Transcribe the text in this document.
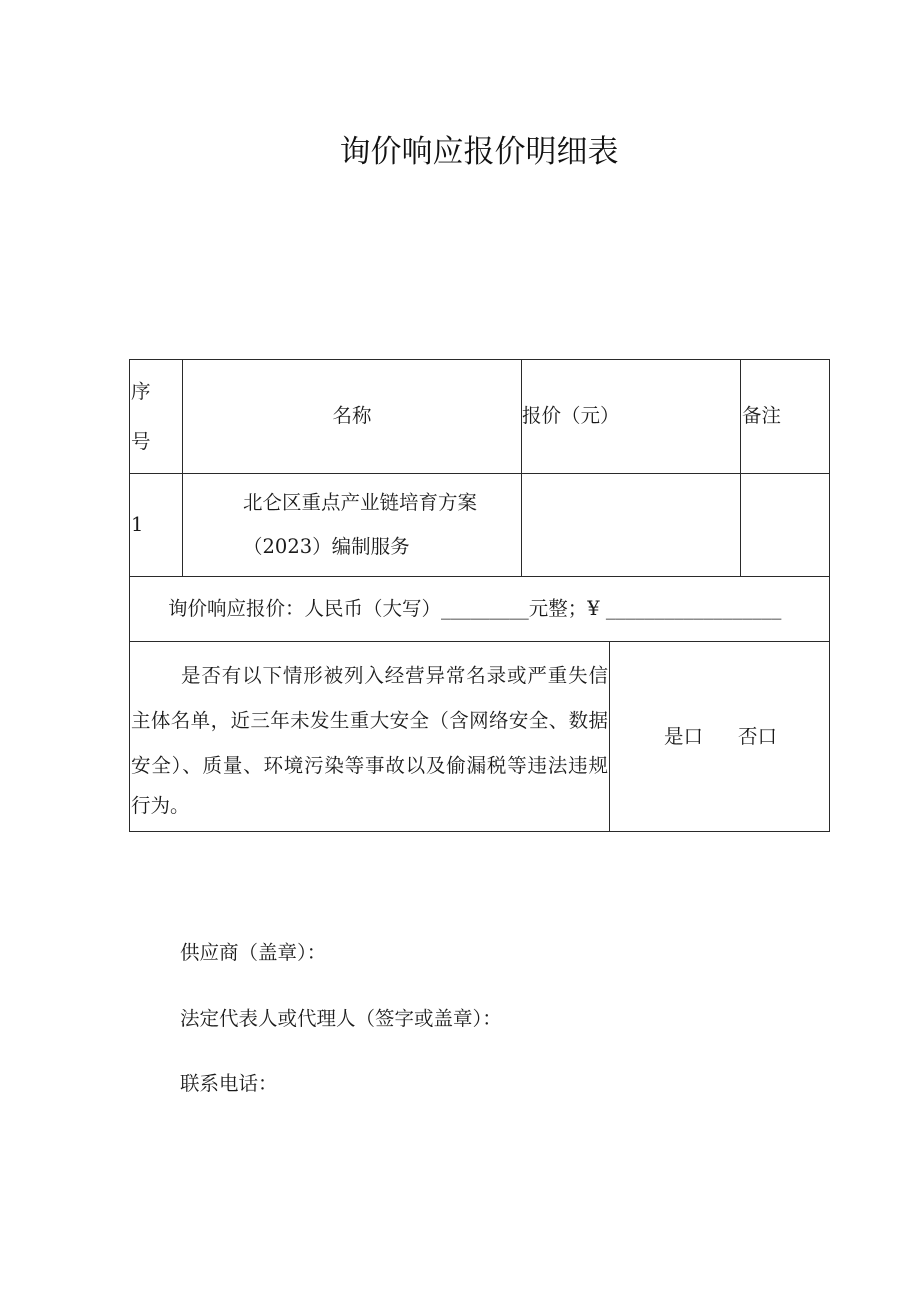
询价响应报价明细表
序
号
名称	报价（元）	备注
1
北仑区重点产业链培育方案
（2023）编制服务
询价响应报价：人民币（大写）_________元整；¥ __________________
是否有以下情形被列入经营异常名录或严重失信
主体名单，近三年未发生重大安全（含网络安全、数据
安全）、质量、环境污染等事故以及偷漏税等违法违规
行为。
是口 否口
供应商（盖章）：
法定代表人或代理人（签字或盖章）：
联系电话：
